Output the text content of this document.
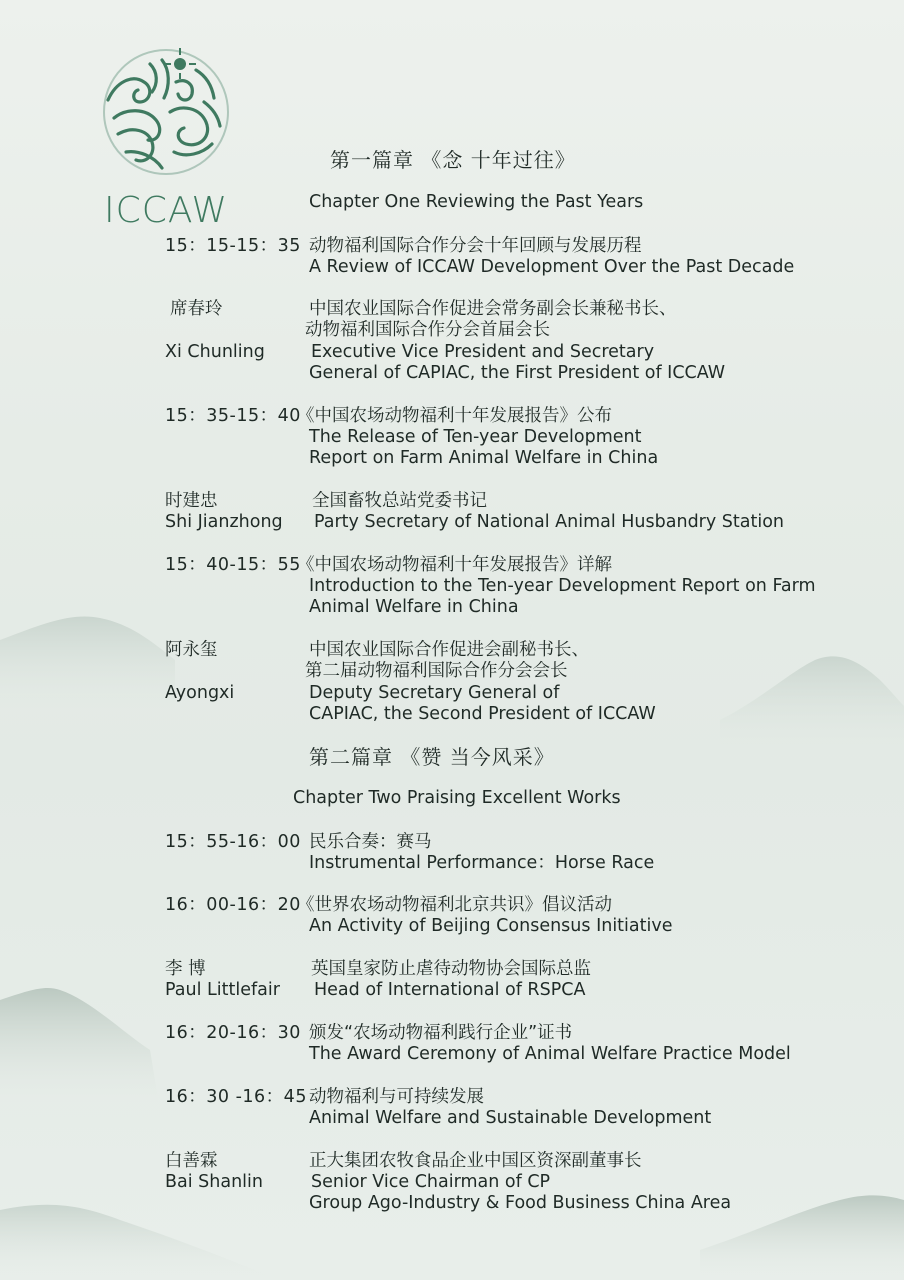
ICCAW
第一篇章 《念 十年过往》
Chapter One Reviewing the Past Years
15：15-15：35 动物福利国际合作分会十年回顾与发展历程
A Review of ICCAW Development Over the Past Decade
席春玲	中国农业国际合作促进会常务副会长兼秘书长、
动物福利国际合作分会首届会长
Xi Chunling	Executive Vice President and Secretary
General of CAPIAC, the First President of ICCAW
15：35-15：40
《中国农场动物福利十年发展报告》公布
The Release of Ten-year Development
Report on Farm Animal Welfare in China
时建忠	全国畜牧总站党委书记
Shi Jianzhong Party Secretary of National Animal Husbandry Station
15：40-15：55
《中国农场动物福利十年发展报告》详解
Introduction to the Ten-year Development Report on Farm
Animal Welfare in China
阿永玺	中国农业国际合作促进会副秘书长、
第二届动物福利国际合作分会会长
Ayongxi	Deputy Secretary General of
CAPIAC, the Second President of ICCAW
第二篇章 《赞 当今风采》
Chapter Two Praising Excellent Works
15：55-16：00 民乐合奏：赛马
Instrumental Performance：Horse Race
16：00-16：20
《世界农场动物福利北京共识》倡议活动
An Activity of Beijing Consensus Initiative
李 博	英国皇家防止虐待动物协会国际总监
Paul Littlefair Head of International of RSPCA
16：20-16：30 颁发“农场动物福利践行企业”证书
The Award Ceremony of Animal Welfare Practice Model
16：30 -16：45 动物福利与可持续发展
Animal Welfare and Sustainable Development
白善霖	正大集团农牧食品企业中国区资深副董事长
Bai Shanlin	Senior Vice Chairman of CP
Group Ago-Industry & Food Business China Area
